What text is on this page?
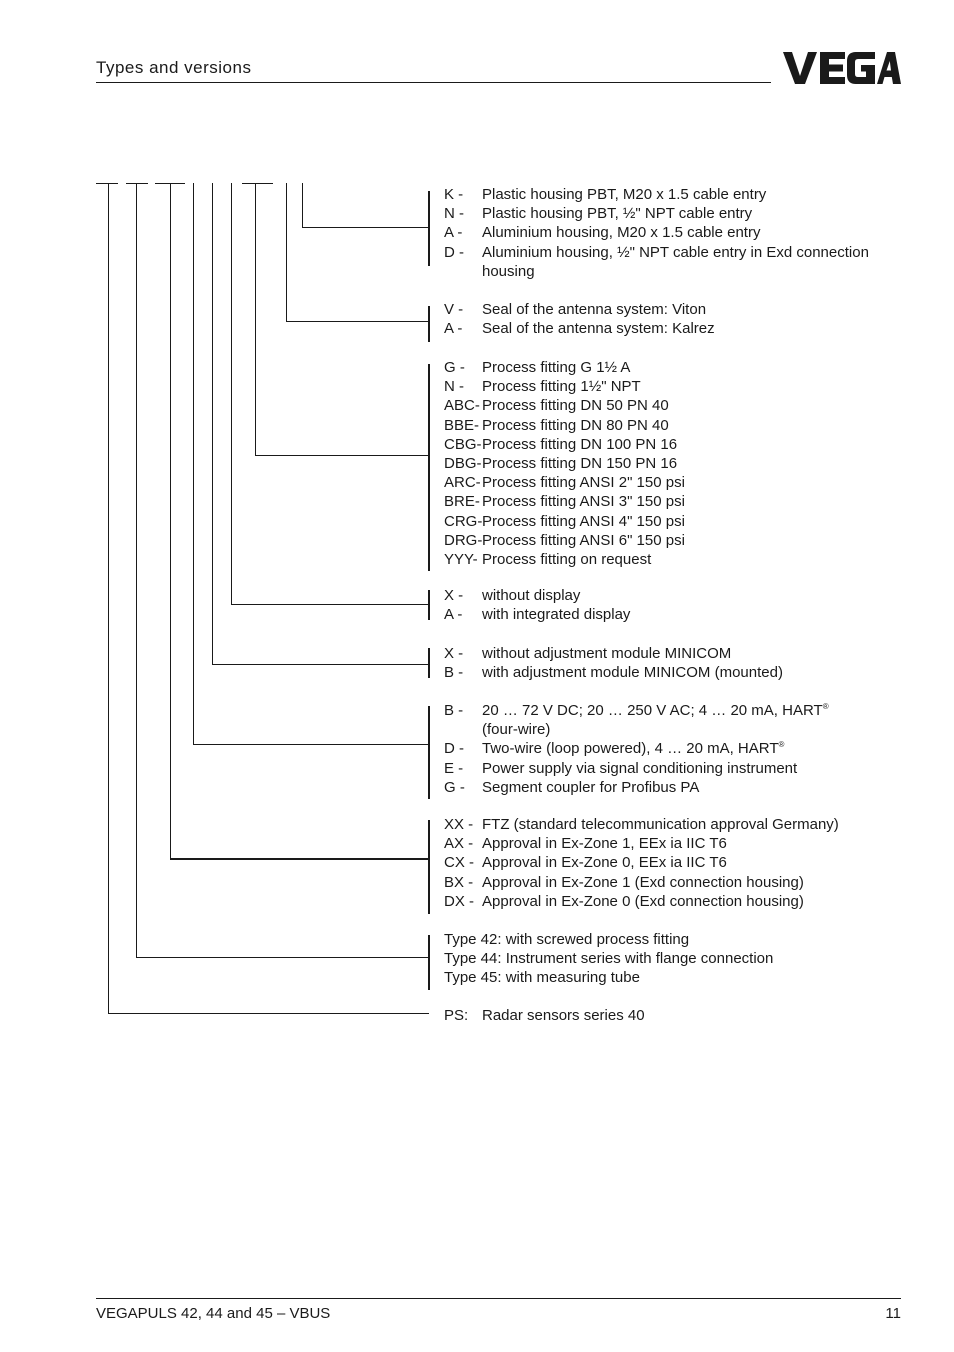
Types and versions
K -	Plastic housing PBT, M20 x 1.5 cable entry
N -	Plastic housing PBT, ½" NPT cable entry
A -	Aluminium housing, M20 x 1.5 cable entry
D -	Aluminium housing, ½" NPT cable entry in Exd connection housing
V -	Seal of the antenna system: Viton
A -	Seal of the antenna system: Kalrez
G -	Process fitting G 1½ A
N -	Process fitting 1½" NPT
ABC- Process fitting DN 50 PN 40
BBE- Process fitting DN 80 PN 40
CBG- Process fitting DN 100 PN 16
DBG- Process fitting DN 150 PN 16
ARC- Process fitting ANSI 2" 150 psi
BRE- Process fitting ANSI 3" 150 psi
CRG- Process fitting ANSI 4" 150 psi
DRG- Process fitting ANSI 6" 150 psi
YYY- Process fitting on request
X -	without display
A -	with integrated display
X -	without adjustment module MINICOM
B -	with adjustment module MINICOM (mounted)
B -	20 … 72 V DC; 20 … 250 V AC; 4 … 20 mA, HART®
(four-wire)
D -	Two-wire (loop powered), 4 … 20 mA, HART®
E -	Power supply via signal conditioning instrument
G -	Segment coupler for Profibus PA
XX - FTZ (standard telecommunication approval Germany)
AX - Approval in Ex-Zone 1, EEx ia IIC T6
CX - Approval in Ex-Zone 0, EEx ia IIC T6
BX - Approval in Ex-Zone 1 (Exd connection housing)
DX - Approval in Ex-Zone 0 (Exd connection housing)
Type 42: with screwed process fitting
Type 44: Instrument series with flange connection
Type 45: with measuring tube
PS: Radar sensors series 40
VEGAPULS 42, 44 and 45 – VBUS	11
